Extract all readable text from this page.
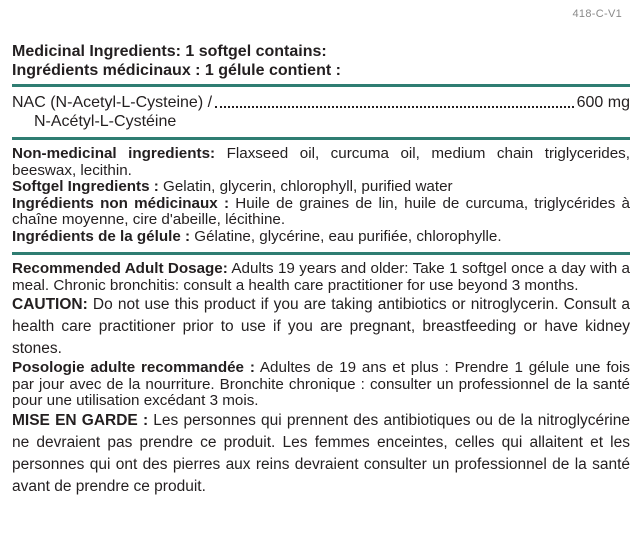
418-C-V1
Medicinal Ingredients: 1 softgel contains:
Ingrédients médicinaux : 1 gélule contient :
NAC (N-Acetyl-L-Cysteine) /	600 mg
N-Acétyl-L-Cystéine

Non-medicinal ingredients: Flaxseed oil, curcuma oil, medium chain triglycerides, beeswax, lecithin.

Softgel Ingredients : Gelatin, glycerin, chlorophyll, purified water

Ingrédients non médicinaux : Huile de graines de lin, huile de curcuma, triglycérides à chaîne moyenne, cire d'abeille, lécithine.

Ingrédients de la gélule : Gélatine, glycérine, eau purifiée, chlorophylle.

Recommended Adult Dosage: Adults 19 years and older: Take 1 softgel once a day with a meal. Chronic bronchitis: consult a health care practitioner for use beyond 3 months.

CAUTION: Do not use this product if you are taking antibiotics or nitroglycerin. Consult a health care practitioner prior to use if you are pregnant, breastfeeding or have kidney stones.

Posologie adulte recommandée : Adultes de 19 ans et plus : Prendre 1 gélule une fois par jour avec de la nourriture. Bronchite chronique : consulter un professionnel de la santé pour une utilisation excédant 3 mois.

MISE EN GARDE : Les personnes qui prennent des antibiotiques ou de la nitroglycérine ne devraient pas prendre ce produit. Les femmes enceintes, celles qui allaitent et les personnes qui ont des pierres aux reins devraient consulter un professionnel de la santé avant de prendre ce produit.
